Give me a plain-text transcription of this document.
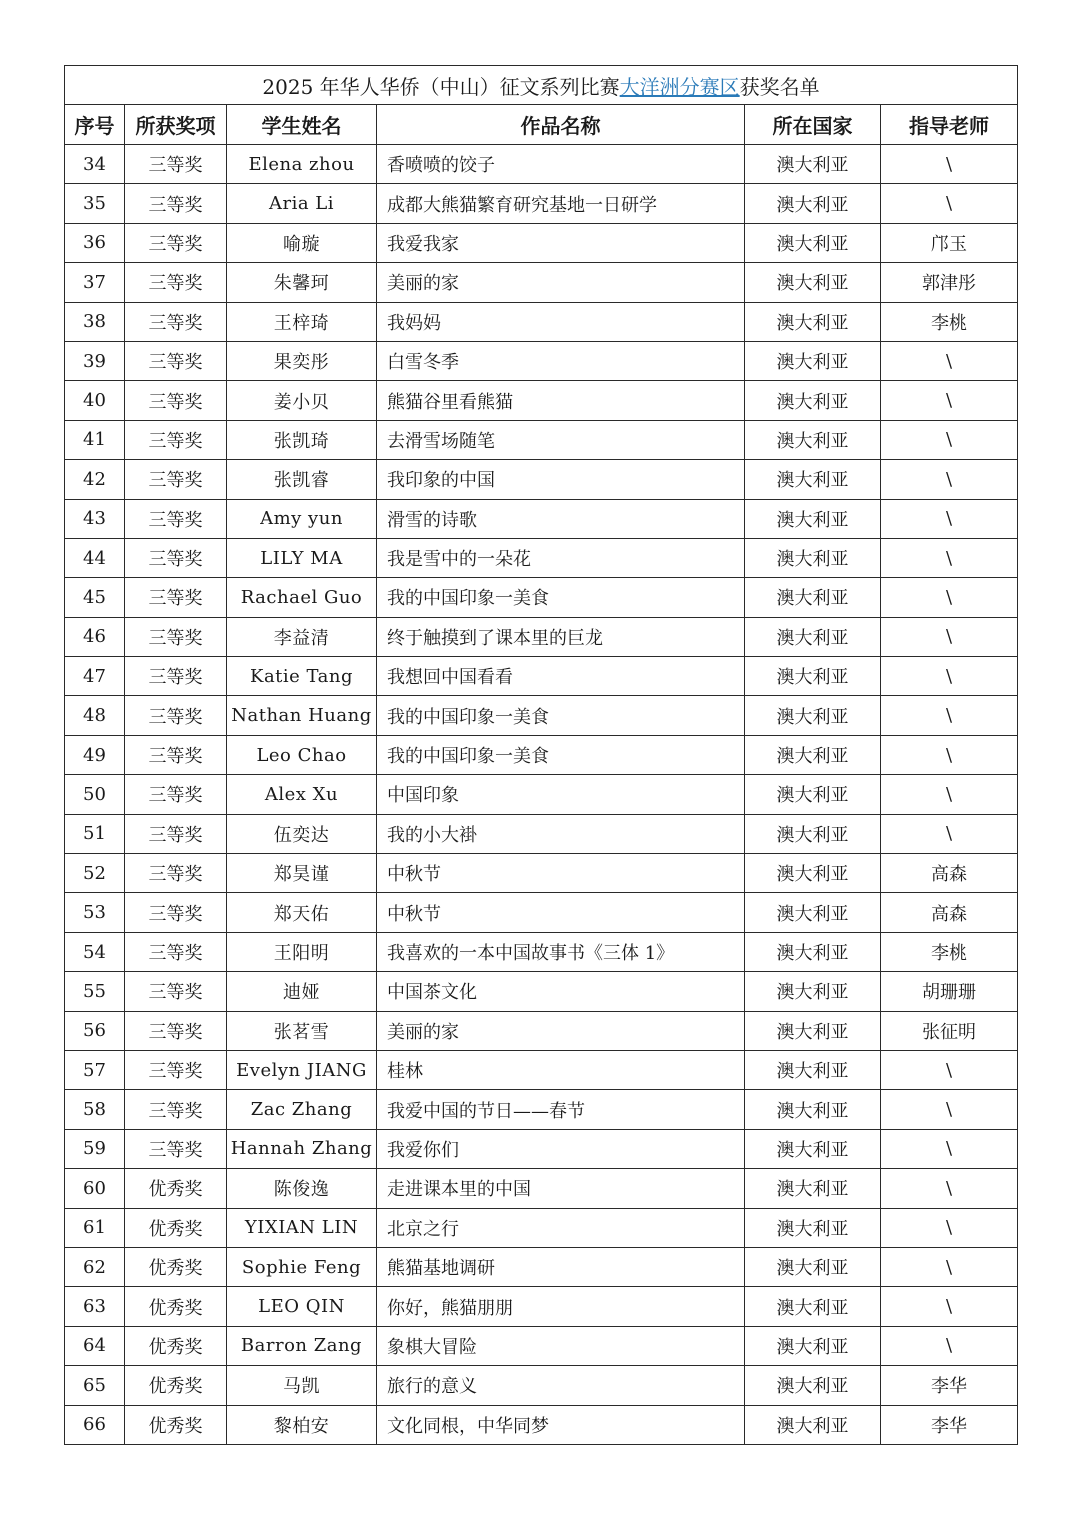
2025 年华人华侨（中山）征文系列比赛大洋洲分赛区获奖名单					
序号	所获奖项	学生姓名	作品名称	所在国家	指导老师
34	三等奖	Elena zhou	香喷喷的饺子	澳大利亚	\
35	三等奖	Aria Li	成都大熊猫繁育研究基地一日研学	澳大利亚	\
36	三等奖	喻璇	我爱我家	澳大利亚	邝玉
37	三等奖	朱馨珂	美丽的家	澳大利亚	郭津彤
38	三等奖	王梓琦	我妈妈	澳大利亚	李桃
39	三等奖	果奕彤	白雪冬季	澳大利亚	\
40	三等奖	姜小贝	熊猫谷里看熊猫	澳大利亚	\
41	三等奖	张凯琦	去滑雪场随笔	澳大利亚	\
42	三等奖	张凯睿	我印象的中国	澳大利亚	\
43	三等奖	Amy yun	滑雪的诗歌	澳大利亚	\
44	三等奖	LILY MA	我是雪中的一朵花	澳大利亚	\
45	三等奖	Rachael Guo	我的中国印象一美食	澳大利亚	\
46	三等奖	李益清	终于触摸到了课本里的巨龙	澳大利亚	\
47	三等奖	Katie Tang	我想回中国看看	澳大利亚	\
48	三等奖	Nathan Huang	我的中国印象一美食	澳大利亚	\
49	三等奖	Leo Chao	我的中国印象一美食	澳大利亚	\
50	三等奖	Alex Xu	中国印象	澳大利亚	\
51	三等奖	伍奕达	我的小大褂	澳大利亚	\
52	三等奖	郑昊谨	中秋节	澳大利亚	高森
53	三等奖	郑天佑	中秋节	澳大利亚	高森
54	三等奖	王阳明	我喜欢的一本中国故事书《三体 1》	澳大利亚	李桃
55	三等奖	迪娅	中国茶文化	澳大利亚	胡珊珊
56	三等奖	张茗雪	美丽的家	澳大利亚	张征明
57	三等奖	Evelyn JIANG	桂林	澳大利亚	\
58	三等奖	Zac Zhang	我爱中国的节日——春节	澳大利亚	\
59	三等奖	Hannah Zhang	我爱你们	澳大利亚	\
60	优秀奖	陈俊逸	走进课本里的中国	澳大利亚	\
61	优秀奖	YIXIAN LIN	北京之行	澳大利亚	\
62	优秀奖	Sophie Feng	熊猫基地调研	澳大利亚	\
63	优秀奖	LEO QIN	你好，熊猫朋朋	澳大利亚	\
64	优秀奖	Barron Zang	象棋大冒险	澳大利亚	\
65	优秀奖	马凯	旅行的意义	澳大利亚	李华
66	优秀奖	黎柏安	文化同根，中华同梦	澳大利亚	李华
